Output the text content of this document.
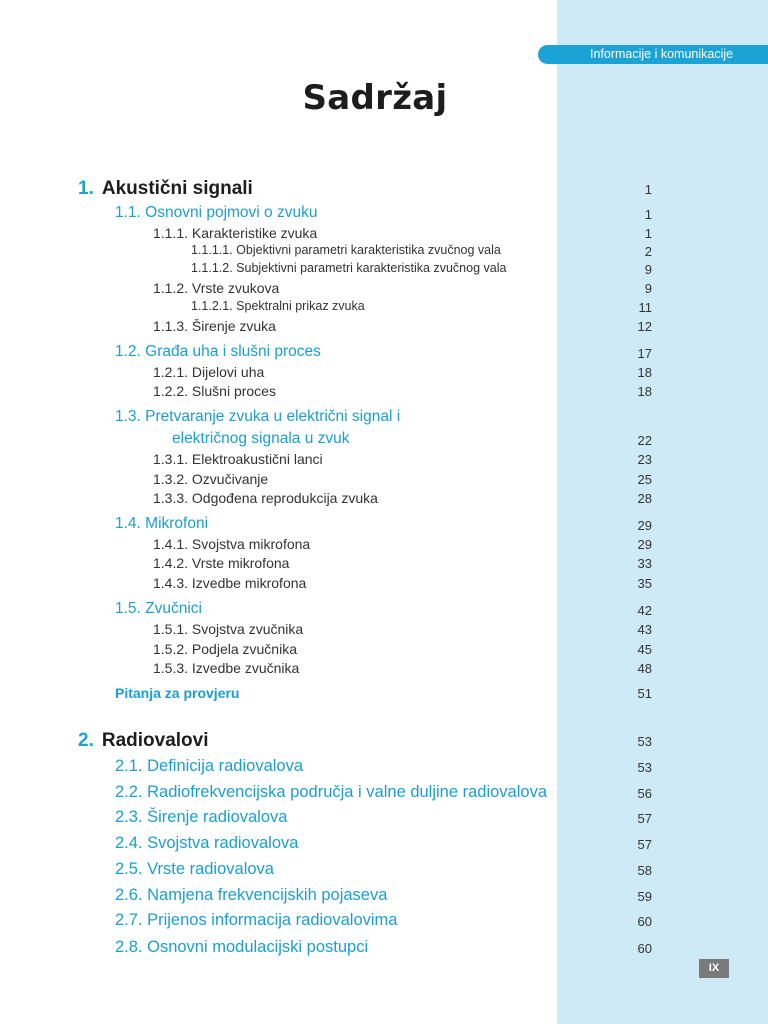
Informacije i komunikacije
Sadržaj
1. Akustični signali	1
1.1. Osnovni pojmovi o zvuku	1
1.1.1. Karakteristike zvuka	1
1.1.1.1. Objektivni parametri karakteristika zvučnog vala	2
1.1.1.2. Subjektivni parametri karakteristika zvučnog vala	9
1.1.2. Vrste zvukova	9
1.1.2.1. Spektralni prikaz zvuka	11
1.1.3. Širenje zvuka	12
1.2. Građa uha i slušni proces	17
1.2.1. Dijelovi uha	18
1.2.2. Slušni proces	18
1.3. Pretvaranje zvuka u električni signal i
električnog signala u zvuk	22
1.3.1. Elektroakustični lanci	23
1.3.2. Ozvučivanje	25
1.3.3. Odgođena reprodukcija zvuka	28
1.4. Mikrofoni	29
1.4.1. Svojstva mikrofona	29
1.4.2. Vrste mikrofona	33
1.4.3. Izvedbe mikrofona	35
1.5. Zvučnici	42
1.5.1. Svojstva zvučnika	43
1.5.2. Podjela zvučnika	45
1.5.3. Izvedbe zvučnika	48
Pitanja za provjeru	51
2. Radiovalovi	53
2.1. Definicija radiovalova	53
2.2. Radiofrekvencijska područja i valne duljine radiovalova	56
2.3. Širenje radiovalova	57
2.4. Svojstva radiovalova	57
2.5. Vrste radiovalova	58
2.6. Namjena frekvencijskih pojaseva	59
2.7. Prijenos informacija radiovalovima	60
2.8. Osnovni modulacijski postupci	60
IX
